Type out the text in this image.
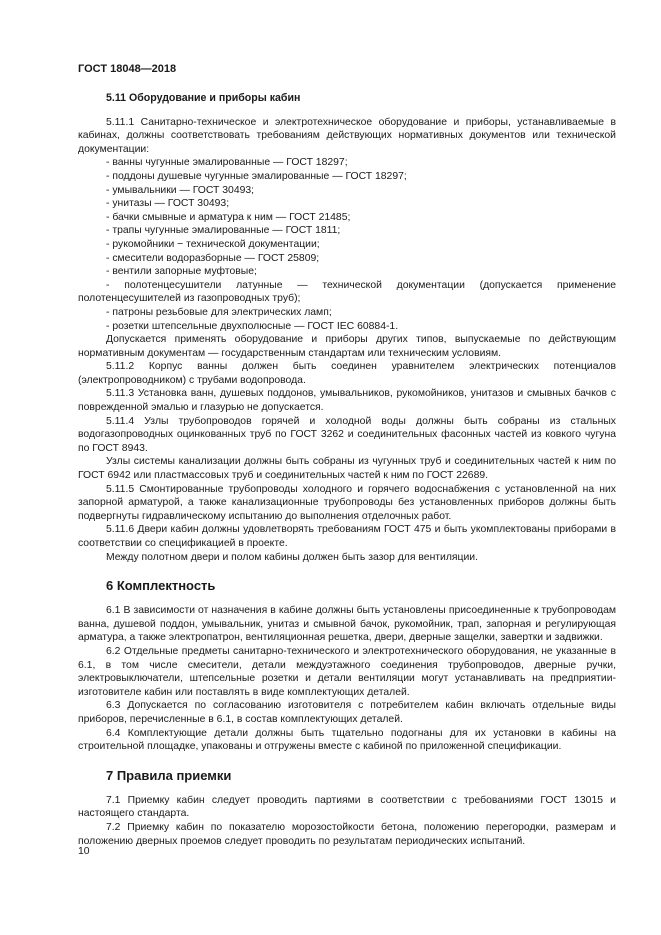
ГОСТ 18048—2018
5.11 Оборудование и приборы кабин

5.11.1 Санитарно-техническое и электротехническое оборудование и приборы, устанавливаемые в кабинах, должны соответствовать требованиям действующих нормативных документов или технической документации:

- ванны чугунные эмалированные — ГОСТ 18297;

- поддоны душевые чугунные эмалированные — ГОСТ 18297;

- умывальники — ГОСТ 30493;

- унитазы — ГОСТ 30493;

- бачки смывные и арматура к ним — ГОСТ 21485;

- трапы чугунные эмалированные — ГОСТ 1811;

- рукомойники − технической документации;

- смесители водоразборные — ГОСТ 25809;

- вентили запорные муфтовые;

- полотенцесушители латунные — технической документации (допускается применение полотенцесушителей из газопроводных труб);

- патроны резьбовые для электрических ламп;

- розетки штепсельные двухполюсные — ГОСТ IEC 60884-1.

Допускается применять оборудование и приборы других типов, выпускаемые по действующим нормативным документам — государственным стандартам или техническим условиям.

5.11.2 Корпус ванны должен быть соединен уравнителем электрических потенциалов (электропроводником) с трубами водопровода.

5.11.3 Установка ванн, душевых поддонов, умывальников, рукомойников, унитазов и смывных бачков с поврежденной эмалью и глазурью не допускается.

5.11.4 Узлы трубопроводов горячей и холодной воды должны быть собраны из стальных водогазопроводных оцинкованных труб по ГОСТ 3262 и соединительных фасонных частей из ковкого чугуна по ГОСТ 8943.

Узлы системы канализации должны быть собраны из чугунных труб и соединительных частей к ним по ГОСТ 6942 или пластмассовых труб и соединительных частей к ним по ГОСТ 22689.

5.11.5 Смонтированные трубопроводы холодного и горячего водоснабжения с установленной на них запорной арматурой, а также канализационные трубопроводы без установленных приборов должны быть подвергнуты гидравлическому испытанию до выполнения отделочных работ.

5.11.6 Двери кабин должны удовлетворять требованиям ГОСТ 475 и быть укомплектованы приборами в соответствии со спецификацией в проекте.

Между полотном двери и полом кабины должен быть зазор для вентиляции.

6 Комплектность

6.1 В зависимости от назначения в кабине должны быть установлены присоединенные к трубопроводам ванна, душевой поддон, умывальник, унитаз и смывной бачок, рукомойник, трап, запорная и регулирующая арматура, а также электропатрон, вентиляционная решетка, двери, дверные защелки, завертки и задвижки.

6.2 Отдельные предметы санитарно-технического и электротехнического оборудования, не указанные в 6.1, в том числе смесители, детали междуэтажного соединения трубопроводов, дверные ручки, электровыключатели, штепсельные розетки и детали вентиляции могут устанавливать на предприятии-изготовителе кабин или поставлять в виде комплектующих деталей.

6.3 Допускается по согласованию изготовителя с потребителем кабин включать отдельные виды приборов, перечисленные в 6.1, в состав комплектующих деталей.

6.4 Комплектующие детали должны быть тщательно подогнаны для их установки в кабины на строительной площадке, упакованы и отгружены вместе с кабиной по приложенной спецификации.

7 Правила приемки

7.1 Приемку кабин следует проводить партиями в соответствии с требованиями ГОСТ 13015 и настоящего стандарта.

7.2 Приемку кабин по показателю морозостойкости бетона, положению перегородки, размерам и положению дверных проемов следует проводить по результатам периодических испытаний.

10
